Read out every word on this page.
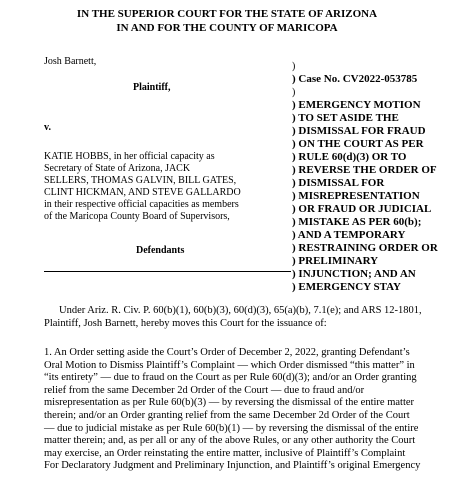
IN THE SUPERIOR COURT FOR THE STATE OF ARIZONA
IN AND FOR THE COUNTY OF MARICOPA
Josh Barnett,
Plaintiff,
v.
KATIE HOBBS, in her official capacity as
Secretary of State of Arizona, JACK
SELLERS, THOMAS GALVIN, BILL GATES,
CLINT HICKMAN, AND STEVE GALLARDO
in their respective official capacities as members
of the Maricopa County Board of Supervisors,
Defendants
)
) Case No. CV2022-053785
)
) EMERGENCY MOTION
) TO SET ASIDE THE
) DISMISSAL FOR FRAUD
) ON THE COURT AS PER
) RULE 60(d)(3) OR TO
) REVERSE THE ORDER OF
) DISMISSAL FOR
) MISREPRESENTATION
) OR FRAUD OR JUDICIAL
) MISTAKE AS PER 60(b);
) AND A TEMPORARY
) RESTRAINING ORDER OR
) PRELIMINARY
) INJUNCTION; AND AN
) EMERGENCY STAY
Under Ariz. R. Civ. P. 60(b)(1), 60(b)(3), 60(d)(3), 65(a)(b), 7.1(e); and ARS 12-1801,
Plaintiff, Josh Barnett, hereby moves this Court for the issuance of:
1. An Order setting aside the Court’s Order of December 2, 2022, granting Defendant’s
Oral Motion to Dismiss Plaintiff’s Complaint — which Order dismissed “this matter” in
“its entirety” — due to fraud on the Court as per Rule 60(d)(3); and/or an Order granting
relief from the same December 2d Order of the Court — due to fraud and/or
misrepresentation as per Rule 60(b)(3) — by reversing the dismissal of the entire matter
therein; and/or an Order granting relief from the same December 2d Order of the Court
— due to judicial mistake as per Rule 60(b)(1) — by reversing the dismissal of the entire
matter therein; and, as per all or any of the above Rules, or any other authority the Court
may exercise, an Order reinstating the entire matter, inclusive of Plaintiff’s Complaint
For Declaratory Judgment and Preliminary Injunction, and Plaintiff’s original Emergency
